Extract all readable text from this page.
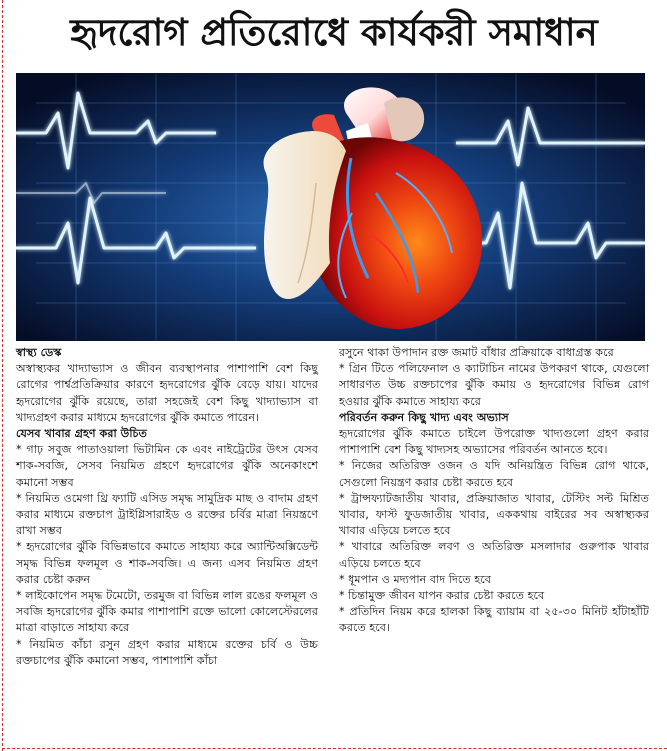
হৃদরোগ প্রতিরোধে কার্যকরী সমাধান

স্বাস্থ্য ডেস্ক

অস্বাস্থ্যকর খাদ্যাভ্যাস ও জীবন ব্যবস্থাপনার পাশাপাশি বেশ কিছু রোগের পার্শ্বপ্রতিক্রিয়ার কারণে হৃদরোগের ঝুঁকি বেড়ে যায়। যাদের হৃদরোগের ঝুঁকি রয়েছে, তারা সহজেই বেশ কিছু খাদ্যাভ্যাস বা খাদ্যগ্রহণ করার মাধ্যমে হৃদরোগের ঝুঁকি কমাতে পারেন।

যেসব খাবার গ্রহণ করা উচিত

* গাঢ় সবুজ পাতাওয়ালা ভিটামিন কে এবং নাইট্রেটের উৎস যেসব শাক-সবজি, সেসব নিয়মিত গ্রহণে হৃদরোগের ঝুঁকি অনেকাংশে কমানো সম্ভব

* নিয়মিত ওমেগা থ্রি ফ্যাটি এসিড সমৃদ্ধ সামুদ্রিক মাছ ও বাদাম গ্রহণ করার মাধ্যমে রক্তচাপ ট্রাইগ্লিসারাইড ও রক্তের চর্বির মাত্রা নিয়ন্ত্রণে রাখা সম্ভব

* হৃদরোগের ঝুঁকি বিভিন্নভাবে কমাতে সাহায্য করে অ্যান্টিঅক্সিডেন্ট সমৃদ্ধ বিভিন্ন ফলমূল ও শাক-সবজি। এ জন্য এসব নিয়মিত গ্রহণ করার চেষ্টা করুন

* লাইকোপেন সমৃদ্ধ টমেটো, তরমুজ বা বিভিন্ন লাল রঙের ফলমূল ও সবজি হৃদরোগের ঝুঁকি কমার পাশাপাশি রক্তে ভালো কোলেস্টেরলের মাত্রা বাড়াতে সাহায্য করে

* নিয়মিত কাঁচা রসুন গ্রহণ করার মাধ্যমে রক্তের চর্বি ও উচ্চ রক্তচাপের ঝুঁকি কমানো সম্ভব, পাশাপাশি কাঁচা

রসুনে থাকা উপাদান রক্ত জমাট বাঁধার প্রক্রিয়াকে বাধাগ্রস্ত করে

* গ্রিন টিতে পলিফেনাল ও ক্যাটাচিন নামের উপকরণ থাকে, যেগুলো সাধারণত উচ্চ রক্তচাপের ঝুঁকি কমায় ও হৃদরোগের বিভিন্ন রোগ হওয়ার ঝুঁকি কমাতে সাহায্য করে

পরিবর্তন করুন কিছু খাদ্য এবং অভ্যাস

হৃদরোগের ঝুঁকি কমাতে চাইলে উপরোক্ত খাদ্যগুলো গ্রহণ করার পাশাপাশি বেশ কিছু খাদ্যসহ অভ্যাসের পরিবর্তন আনতে হবে।

* নিজের অতিরিক্ত ওজন ও যদি অনিয়ন্ত্রিত বিভিন্ন রোগ থাকে, সেগুলো নিয়ন্ত্রণ করার চেষ্টা করতে হবে

* ট্রান্সফ্যাটজাতীয় খাবার, প্রক্রিয়াজাত খাবার, টেস্টিং সল্ট মিশ্রিত খাবার, ফাস্ট ফুডজাতীয় খাবার, এককথায় বাইরের সব অস্বাস্থ্যকর খাবার এড়িয়ে চলতে হবে

* খাবারে অতিরিক্ত লবণ ও অতিরিক্ত মসলাদার গুরুপাক খাবার এড়িয়ে চলতে হবে

* ধূমপান ও মদ্যপান বাদ দিতে হবে

* চিন্তামুক্ত জীবন যাপন করার চেষ্টা করতে হবে

* প্রতিদিন নিয়ম করে হালকা কিছু ব্যায়াম বা ২৫-৩০ মিনিট হাঁটাহাঁটি করতে হবে।
